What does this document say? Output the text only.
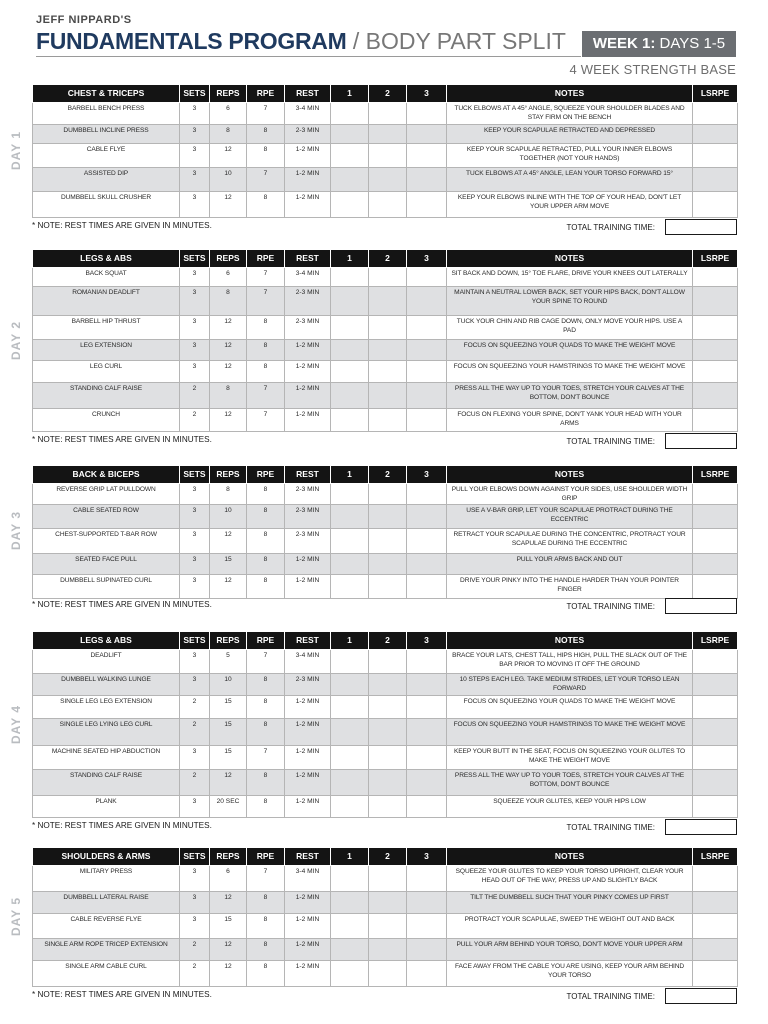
JEFF NIPPARD'S
FUNDAMENTALS PROGRAM / BODY PART SPLIT	WEEK 1: DAYS 1-5
4 WEEK STRENGTH BASE
DAY 1
CHEST & TRICEPS	SETS	REPS	RPE	REST	1	2	3	NOTES	LSRPE
BARBELL BENCH PRESS	3	6	7	3-4 MIN				TUCK ELBOWS AT A 45° ANGLE, SQUEEZE YOUR SHOULDER BLADES AND STAY FIRM ON THE BENCH	
DUMBBELL INCLINE PRESS	3	8	8	2-3 MIN				KEEP YOUR SCAPULAE RETRACTED AND DEPRESSED	
CABLE FLYE	3	12	8	1-2 MIN				KEEP YOUR SCAPULAE RETRACTED, PULL YOUR INNER ELBOWS TOGETHER (NOT YOUR HANDS)	
ASSISTED DIP	3	10	7	1-2 MIN				TUCK ELBOWS AT A 45° ANGLE, LEAN YOUR TORSO FORWARD 15°	
DUMBBELL SKULL CRUSHER	3	12	8	1-2 MIN				KEEP YOUR ELBOWS INLINE WITH THE TOP OF YOUR HEAD, DON'T LET YOUR UPPER ARM MOVE	
* NOTE: REST TIMES ARE GIVEN IN MINUTES.	TOTAL TRAINING TIME:
DAY 2
LEGS & ABS	SETS	REPS	RPE	REST	1	2	3	NOTES	LSRPE
BACK SQUAT	3	6	7	3-4 MIN				SIT BACK AND DOWN, 15° TOE FLARE, DRIVE YOUR KNEES OUT LATERALLY	
ROMANIAN DEADLIFT	3	8	7	2-3 MIN				MAINTAIN A NEUTRAL LOWER BACK, SET YOUR HIPS BACK, DON'T ALLOW YOUR SPINE TO ROUND	
BARBELL HIP THRUST	3	12	8	2-3 MIN				TUCK YOUR CHIN AND RIB CAGE DOWN, ONLY MOVE YOUR HIPS. USE A PAD	
LEG EXTENSION	3	12	8	1-2 MIN				FOCUS ON SQUEEZING YOUR QUADS TO MAKE THE WEIGHT MOVE	
LEG CURL	3	12	8	1-2 MIN				FOCUS ON SQUEEZING YOUR HAMSTRINGS TO MAKE THE WEIGHT MOVE	
STANDING CALF RAISE	2	8	7	1-2 MIN				PRESS ALL THE WAY UP TO YOUR TOES, STRETCH YOUR CALVES AT THE BOTTOM, DON'T BOUNCE	
CRUNCH	2	12	7	1-2 MIN				FOCUS ON FLEXING YOUR SPINE, DON'T YANK YOUR HEAD WITH YOUR ARMS	
* NOTE: REST TIMES ARE GIVEN IN MINUTES.	TOTAL TRAINING TIME:
DAY 3
BACK & BICEPS	SETS	REPS	RPE	REST	1	2	3	NOTES	LSRPE
REVERSE GRIP LAT PULLDOWN	3	8	8	2-3 MIN				PULL YOUR ELBOWS DOWN AGAINST YOUR SIDES, USE SHOULDER WIDTH GRIP	
CABLE SEATED ROW	3	10	8	2-3 MIN				USE A V-BAR GRIP, LET YOUR SCAPULAE PROTRACT DURING THE ECCENTRIC	
CHEST-SUPPORTED T-BAR ROW	3	12	8	2-3 MIN				RETRACT YOUR SCAPULAE DURING THE CONCENTRIC, PROTRACT YOUR SCAPULAE DURING THE ECCENTRIC	
SEATED FACE PULL	3	15	8	1-2 MIN				PULL YOUR ARMS BACK AND OUT	
DUMBBELL SUPINATED CURL	3	12	8	1-2 MIN				DRIVE YOUR PINKY INTO THE HANDLE HARDER THAN YOUR POINTER FINGER	
* NOTE: REST TIMES ARE GIVEN IN MINUTES.	TOTAL TRAINING TIME:
DAY 4
LEGS & ABS	SETS	REPS	RPE	REST	1	2	3	NOTES	LSRPE
DEADLIFT	3	5	7	3-4 MIN				BRACE YOUR LATS, CHEST TALL, HIPS HIGH, PULL THE SLACK OUT OF THE BAR PRIOR TO MOVING IT OFF THE GROUND	
DUMBBELL WALKING LUNGE	3	10	8	2-3 MIN				10 STEPS EACH LEG. TAKE MEDIUM STRIDES, LET YOUR TORSO LEAN FORWARD	
SINGLE LEG LEG EXTENSION	2	15	8	1-2 MIN				FOCUS ON SQUEEZING YOUR QUADS TO MAKE THE WEIGHT MOVE	
SINGLE LEG LYING LEG CURL	2	15	8	1-2 MIN				FOCUS ON SQUEEZING YOUR HAMSTRINGS TO MAKE THE WEIGHT MOVE	
MACHINE SEATED HIP ABDUCTION	3	15	7	1-2 MIN				KEEP YOUR BUTT IN THE SEAT, FOCUS ON SQUEEZING YOUR GLUTES TO MAKE THE WEIGHT MOVE	
STANDING CALF RAISE	2	12	8	1-2 MIN				PRESS ALL THE WAY UP TO YOUR TOES, STRETCH YOUR CALVES AT THE BOTTOM, DON'T BOUNCE	
PLANK	3	20 SEC	8	1-2 MIN				SQUEEZE YOUR GLUTES, KEEP YOUR HIPS LOW	
* NOTE: REST TIMES ARE GIVEN IN MINUTES.	TOTAL TRAINING TIME:
DAY 5
SHOULDERS & ARMS	SETS	REPS	RPE	REST	1	2	3	NOTES	LSRPE
MILITARY PRESS	3	6	7	3-4 MIN				SQUEEZE YOUR GLUTES TO KEEP YOUR TORSO UPRIGHT, CLEAR YOUR HEAD OUT OF THE WAY, PRESS UP AND SLIGHTLY BACK	
DUMBBELL LATERAL RAISE	3	12	8	1-2 MIN				TILT THE DUMBBELL SUCH THAT YOUR PINKY COMES UP FIRST	
CABLE REVERSE FLYE	3	15	8	1-2 MIN				PROTRACT YOUR SCAPULAE, SWEEP THE WEIGHT OUT AND BACK	
SINGLE ARM ROPE TRICEP EXTENSION	2	12	8	1-2 MIN				PULL YOUR ARM BEHIND YOUR TORSO, DON'T MOVE YOUR UPPER ARM	
SINGLE ARM CABLE CURL	2	12	8	1-2 MIN				FACE AWAY FROM THE CABLE YOU ARE USING, KEEP YOUR ARM BEHIND YOUR TORSO	
* NOTE: REST TIMES ARE GIVEN IN MINUTES.	TOTAL TRAINING TIME:
